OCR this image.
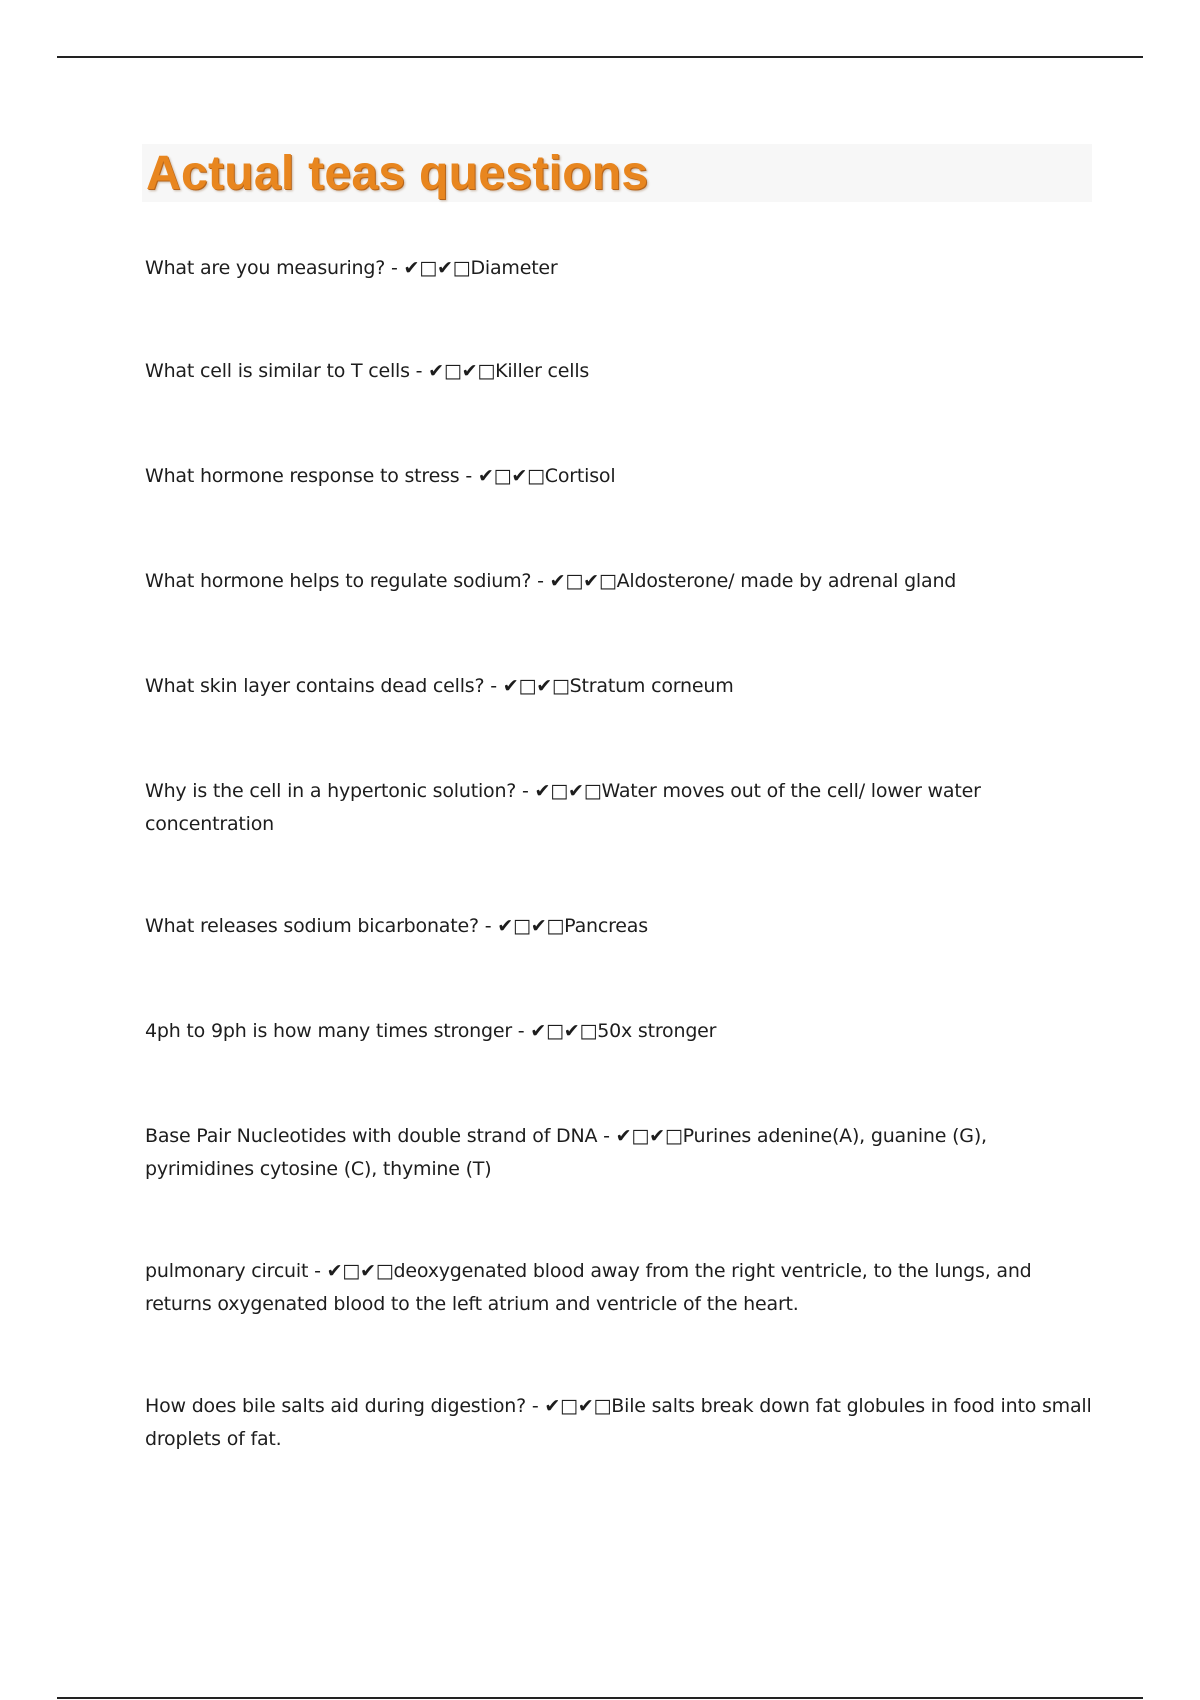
Actual teas questions

What are you measuring? - ✔□✔□Diameter

What cell is similar to T cells - ✔□✔□Killer cells

What hormone response to stress - ✔□✔□Cortisol

What hormone helps to regulate sodium? - ✔□✔□Aldosterone/ made by adrenal gland

What skin layer contains dead cells? - ✔□✔□Stratum corneum

Why is the cell in a hypertonic solution? - ✔□✔□Water moves out of the cell/ lower water concentration

What releases sodium bicarbonate? - ✔□✔□Pancreas

4ph to 9ph is how many times stronger - ✔□✔□50x stronger

Base Pair Nucleotides with double strand of DNA - ✔□✔□Purines adenine(A), guanine (G), pyrimidines cytosine (C), thymine (T)

pulmonary circuit - ✔□✔□deoxygenated blood away from the right ventricle, to the lungs, and returns oxygenated blood to the left atrium and ventricle of the heart.

How does bile salts aid during digestion? - ✔□✔□Bile salts break down fat globules in food into small droplets of fat.
